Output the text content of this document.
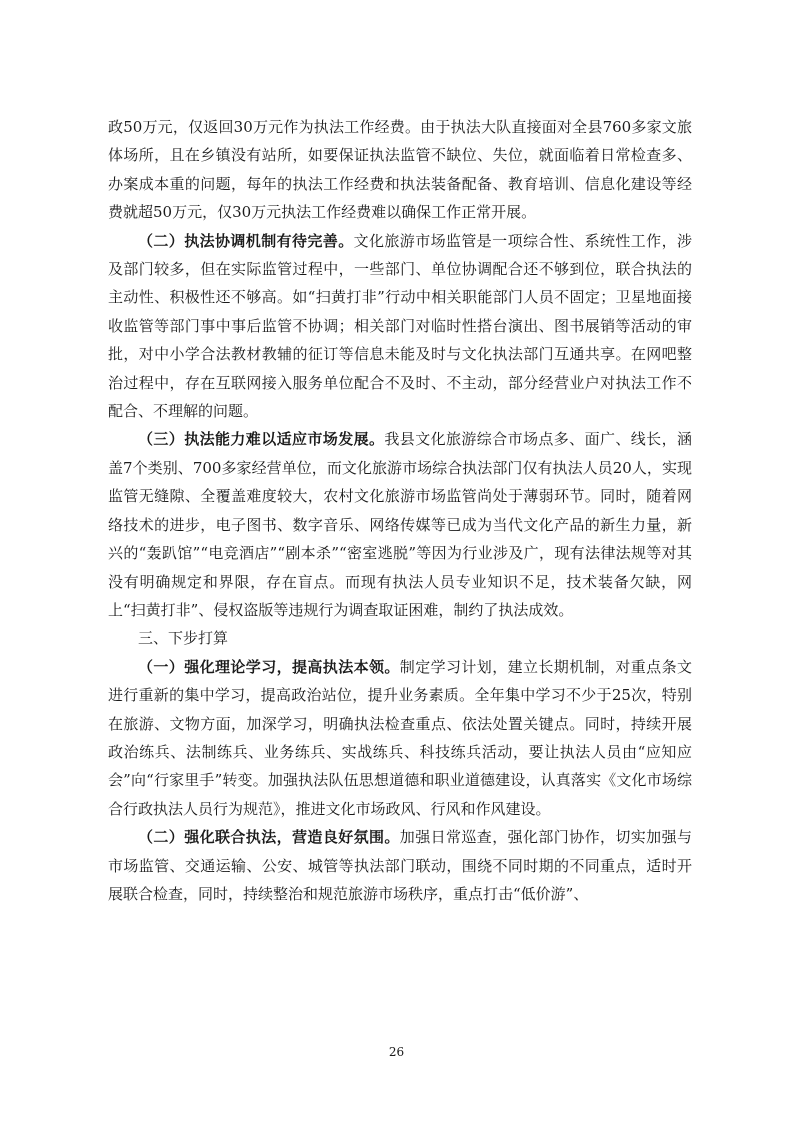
政50万元，仅返回30万元作为执法工作经费。由于执法大队直接面对全县760多家文旅体场所，且在乡镇没有站所，如要保证执法监管不缺位、失位，就面临着日常检查多、办案成本重的问题，每年的执法工作经费和执法装备配备、教育培训、信息化建设等经费就超50万元，仅30万元执法工作经费难以确保工作正常开展。

（二）执法协调机制有待完善。文化旅游市场监管是一项综合性、系统性工作，涉及部门较多，但在实际监管过程中，一些部门、单位协调配合还不够到位，联合执法的主动性、积极性还不够高。如“扫黄打非”行动中相关职能部门人员不固定；卫星地面接收监管等部门事中事后监管不协调；相关部门对临时性搭台演出、图书展销等活动的审批，对中小学合法教材教辅的征订等信息未能及时与文化执法部门互通共享。在网吧整治过程中，存在互联网接入服务单位配合不及时、不主动，部分经营业户对执法工作不配合、不理解的问题。

（三）执法能力难以适应市场发展。我县文化旅游综合市场点多、面广、线长，涵盖7个类别、700多家经营单位，而文化旅游市场综合执法部门仅有执法人员20人，实现监管无缝隙、全覆盖难度较大，农村文化旅游市场监管尚处于薄弱环节。同时，随着网络技术的进步，电子图书、数字音乐、网络传媒等已成为当代文化产品的新生力量，新兴的“轰趴馆”“电竞酒店”“剧本杀”“密室逃脱”等因为行业涉及广，现有法律法规等对其没有明确规定和界限，存在盲点。而现有执法人员专业知识不足，技术装备欠缺，网上“扫黄打非”、侵权盗版等违规行为调查取证困难，制约了执法成效。

三、下步打算

（一）强化理论学习，提高执法本领。制定学习计划，建立长期机制，对重点条文进行重新的集中学习，提高政治站位，提升业务素质。全年集中学习不少于25次，特别在旅游、文物方面，加深学习，明确执法检查重点、依法处置关键点。同时，持续开展政治练兵、法制练兵、业务练兵、实战练兵、科技练兵活动，要让执法人员由“应知应会”向“行家里手”转变。加强执法队伍思想道德和职业道德建设，认真落实《文化市场综合行政执法人员行为规范》，推进文化市场政风、行风和作风建设。

（二）强化联合执法，营造良好氛围。加强日常巡查，强化部门协作，切实加强与市场监管、交通运输、公安、城管等执法部门联动，围绕不同时期的不同重点，适时开展联合检查，同时，持续整治和规范旅游市场秩序，重点打击“低价游”、

26
